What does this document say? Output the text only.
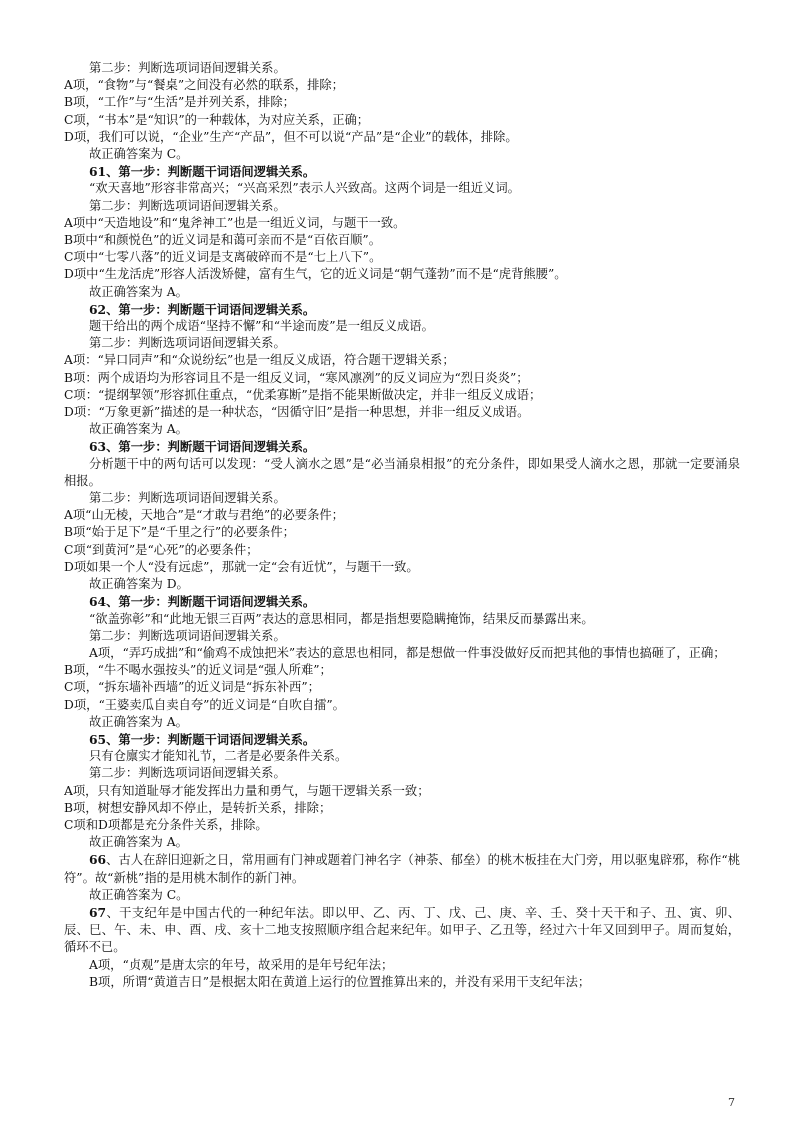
第二步：判断选项词语间逻辑关系。
A项，“食物”与“餐桌”之间没有必然的联系，排除；
B项，“工作”与“生活”是并列关系，排除；
C项，“书本”是“知识”的一种载体，为对应关系，正确；
D项，我们可以说，“企业”生产“产品”，但不可以说“产品”是“企业”的载体，排除。
故正确答案为 C。
61、第一步：判断题干词语间逻辑关系。
“欢天喜地”形容非常高兴；“兴高采烈”表示人兴致高。这两个词是一组近义词。
第二步：判断选项词语间逻辑关系。
A项中“天造地设”和“鬼斧神工”也是一组近义词，与题干一致。
B项中“和颜悦色”的近义词是和蔼可亲而不是“百依百顺”。
C项中“七零八落”的近义词是支离破碎而不是“七上八下”。
D项中“生龙活虎”形容人活泼矫健，富有生气，它的近义词是“朝气蓬勃”而不是“虎背熊腰”。
故正确答案为 A。
62、第一步：判断题干词语间逻辑关系。
题干给出的两个成语“坚持不懈”和“半途而废”是一组反义成语。
第二步：判断选项词语间逻辑关系。
A项：“异口同声”和“众说纷纭”也是一组反义成语，符合题干逻辑关系；
B项：两个成语均为形容词且不是一组反义词，“寒风凛冽”的反义词应为“烈日炎炎”；
C项：“提纲挈领”形容抓住重点，“优柔寡断”是指不能果断做决定，并非一组反义成语；
D项：“万象更新”描述的是一种状态，“因循守旧”是指一种思想，并非一组反义成语。
故正确答案为 A。
63、第一步：判断题干词语间逻辑关系。
分析题干中的两句话可以发现：“受人滴水之恩”是“必当涌泉相报”的充分条件，即如果受人滴水之恩，那就一定要涌泉相报。
第二步：判断选项词语间逻辑关系。
A项“山无棱，天地合”是“才敢与君绝”的必要条件；
B项“始于足下”是“千里之行”的必要条件；
C项“到黄河”是“心死”的必要条件；
D项如果一个人“没有远虑”，那就一定“会有近忧”，与题干一致。
故正确答案为 D。
64、第一步：判断题干词语间逻辑关系。
“欲盖弥彰”和“此地无银三百两”表达的意思相同，都是指想要隐瞒掩饰，结果反而暴露出来。
第二步：判断选项词语间逻辑关系。
A项，“弄巧成拙”和“偷鸡不成蚀把米”表达的意思也相同，都是想做一件事没做好反而把其他的事情也搞砸了，正确；
B项，“牛不喝水强按头”的近义词是“强人所难”；
C项，“拆东墙补西墙”的近义词是“拆东补西”；
D项，“王婆卖瓜自卖自夸”的近义词是“自吹自擂”。
故正确答案为 A。
65、第一步：判断题干词语间逻辑关系。
只有仓廪实才能知礼节，二者是必要条件关系。
第二步：判断选项词语间逻辑关系。
A项，只有知道耻辱才能发挥出力量和勇气，与题干逻辑关系一致；
B项，树想安静风却不停止，是转折关系，排除；
C项和D项都是充分条件关系，排除。
故正确答案为 A。
66、古人在辞旧迎新之日，常用画有门神或题着门神名字（神荼、郁垒）的桃木板挂在大门旁，用以驱鬼辟邪，称作“桃符”。故“新桃”指的是用桃木制作的新门神。
故正确答案为 C。
67、干支纪年是中国古代的一种纪年法。即以甲、乙、丙、丁、戊、己、庚、辛、壬、癸十天干和子、丑、寅、卯、辰、巳、午、未、申、酉、戌、亥十二地支按照顺序组合起来纪年。如甲子、乙丑等，经过六十年又回到甲子。周而复始，循环不已。
A项，“贞观”是唐太宗的年号，故采用的是年号纪年法；
B项，所谓“黄道吉日”是根据太阳在黄道上运行的位置推算出来的，并没有采用干支纪年法；
7
